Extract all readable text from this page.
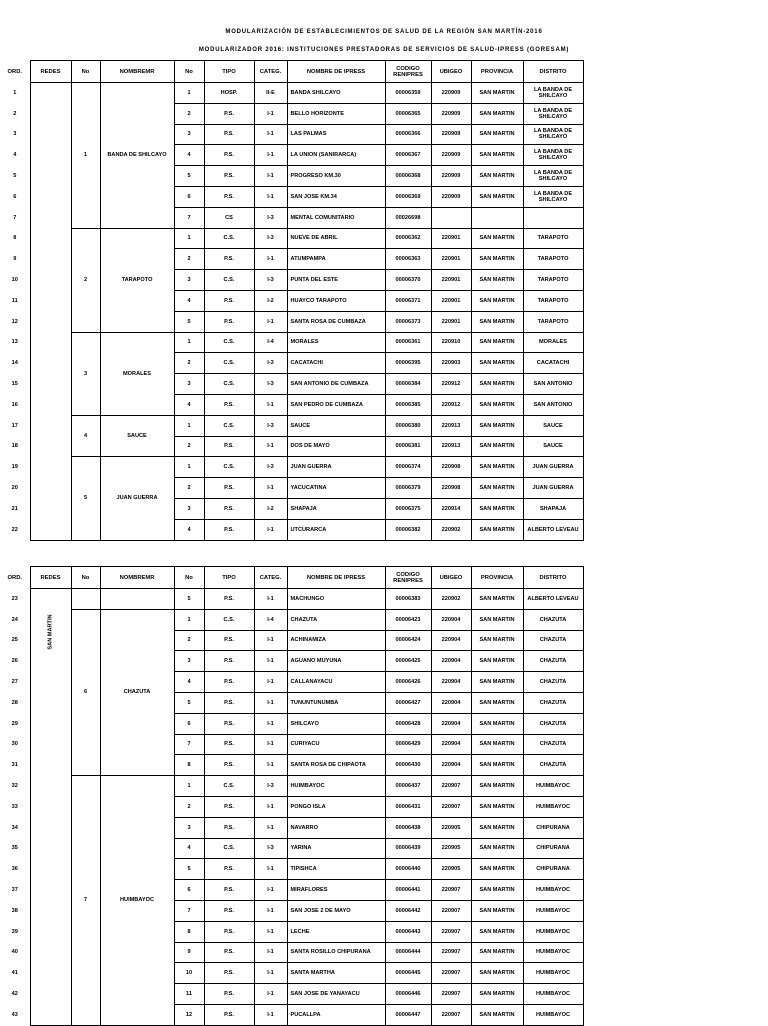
MODULARIZACIÓN DE ESTABLECIMIENTOS DE SALUD DE LA REGIÓN SAN MARTÍN-2016
MODULARIZADOR 2016: INSTITUCIONES PRESTADORAS DE SERVICIOS DE SALUD-IPRESS (GORESAM)
ORD.	REDES	No	NOMBREMR	No	TIPO	CATEG.	NOMBRE DE IPRESS	CODIGO RENIPRES	UBIGEO	PROVINCIA	DISTRITO
1		1	BANDA DE SHILCAYO	1	HOSP.	II-E	BANDA SHILCAYO	00006359	220909	SAN MARTIN	LA BANDA DE SHILCAYO
2				2	P.S.	I-1	BELLO HORIZONTE	00006365	220909	SAN MARTIN	LA BANDA DE SHILCAYO
3				3	P.S.	I-1	LAS PALMAS	00006366	220909	SAN MARTIN	LA BANDA DE SHILCAYO
4				4	P.S.	I-1	LA UNION (SANIRARCA)	00006367	220909	SAN MARTIN	LA BANDA DE SHILCAYO
5				5	P.S.	I-1	PROGRESO KM.30	00006368	220909	SAN MARTIN	LA BANDA DE SHILCAYO
6				6	P.S.	I-1	SAN JOSE KM.34	00006369	220909	SAN MARTIN	LA BANDA DE SHILCAYO
7				7	CS	I-3	MENTAL COMUNITARIO	00026698			
8		2	TARAPOTO	1	C.S.	I-3	NUEVE DE ABRIL	00006362	220901	SAN MARTIN	TARAPOTO
9				2	P.S.	I-1	ATUMPAMPA	00006363	220901	SAN MARTIN	TARAPOTO
10				3	C.S.	I-3	PUNTA DEL ESTE	00006370	220901	SAN MARTIN	TARAPOTO
11				4	P.S.	I-2	HUAYCO TARAPOTO	00006371	220901	SAN MARTIN	TARAPOTO
12				5	P.S.	I-1	SANTA ROSA DE CUMBAZA	00006373	220901	SAN MARTIN	TARAPOTO
13		3	MORALES	1	C.S.	I-4	MORALES	00006361	220910	SAN MARTIN	MORALES
14				2	C.S.	I-3	CACATACHI	00006395	220903	SAN MARTIN	CACATACHI
15				3	C.S.	I-3	SAN ANTONIO DE CUMBAZA	00006384	220912	SAN MARTIN	SAN ANTONIO
16				4	P.S.	I-1	SAN PEDRO DE CUMBAZA	00006385	220912	SAN MARTIN	SAN ANTONIO
17		4	SAUCE	1	C.S.	I-3	SAUCE	00006380	220913	SAN MARTIN	SAUCE
18				2	P.S.	I-1	DOS DE MAYO	00006381	220913	SAN MARTIN	SAUCE
19		5	JUAN GUERRA	1	C.S.	I-3	JUAN GUERRA	00006374	220908	SAN MARTIN	JUAN GUERRA
20				2	P.S.	I-1	YACUCATINA	00006379	220908	SAN MARTIN	JUAN GUERRA
21				3	P.S.	I-2	SHAPAJA	00006375	220914	SAN MARTIN	SHAPAJA
22				4	P.S.	I-1	UTCURARCA	00006382	220902	SAN MARTIN	ALBERTO LEVEAU
ORD.	REDES	No	NOMBREMR	No	TIPO	CATEG.	NOMBRE DE IPRESS	CODIGO RENIPRES	UBIGEO	PROVINCIA	DISTRITO
23	SAN MARTIN			5	P.S.	I-1	MACHUNGO	00006383	220902	SAN MARTIN	ALBERTO LEVEAU
24		6	CHAZUTA	1	C.S.	I-4	CHAZUTA	00006423	220904	SAN MARTIN	CHAZUTA
25				2	P.S.	I-1	ACHINAMIZA	00006424	220904	SAN MARTIN	CHAZUTA
26				3	P.S.	I-1	AGUANO MUYUNA	00006425	220904	SAN MARTIN	CHAZUTA
27				4	P.S.	I-1	CALLANAYACU	00006426	220904	SAN MARTIN	CHAZUTA
28				5	P.S.	I-1	TUNUNTUNUMBA	00006427	220904	SAN MARTIN	CHAZUTA
29				6	P.S.	I-1	SHILCAYO	00006428	220904	SAN MARTIN	CHAZUTA
30				7	P.S.	I-1	CURIYACU	00006429	220904	SAN MARTIN	CHAZUTA
31				8	P.S.	I-1	SANTA ROSA DE CHIPAOTA	00006430	220904	SAN MARTIN	CHAZUTA
32		7	HUIMBAYOC	1	C.S.	I-3	HUIMBAYOC	00006437	220907	SAN MARTIN	HUIMBAYOC
33				2	P.S.	I-1	PONGO ISLA	00006431	220907	SAN MARTIN	HUIMBAYOC
34				3	P.S.	I-1	NAVARRO	00006438	220905	SAN MARTIN	CHIPURANA
35				4	C.S.	I-3	YARINA	00006439	220905	SAN MARTIN	CHIPURANA
36				5	P.S.	I-1	TIPISHCA	00006440	220905	SAN MARTIN	CHIPURANA
37				6	P.S.	I-1	MIRAFLORES	00006441	220907	SAN MARTIN	HUIMBAYOC
38				7	P.S.	I-1	SAN JOSE 2 DE MAYO	00006442	220907	SAN MARTIN	HUIMBAYOC
39				8	P.S.	I-1	LECHE	00006443	220907	SAN MARTIN	HUIMBAYOC
40				9	P.S.	I-1	SANTA ROSILLO CHIPURANA	00006444	220907	SAN MARTIN	HUIMBAYOC
41				10	P.S.	I-1	SANTA MARTHA	00006445	220907	SAN MARTIN	HUIMBAYOC
42				11	P.S.	I-1	SAN JOSE DE YANAYACU	00006446	220907	SAN MARTIN	HUIMBAYOC
43				12	P.S.	I-1	PUCALLPA	00006447	220907	SAN MARTIN	HUIMBAYOC
